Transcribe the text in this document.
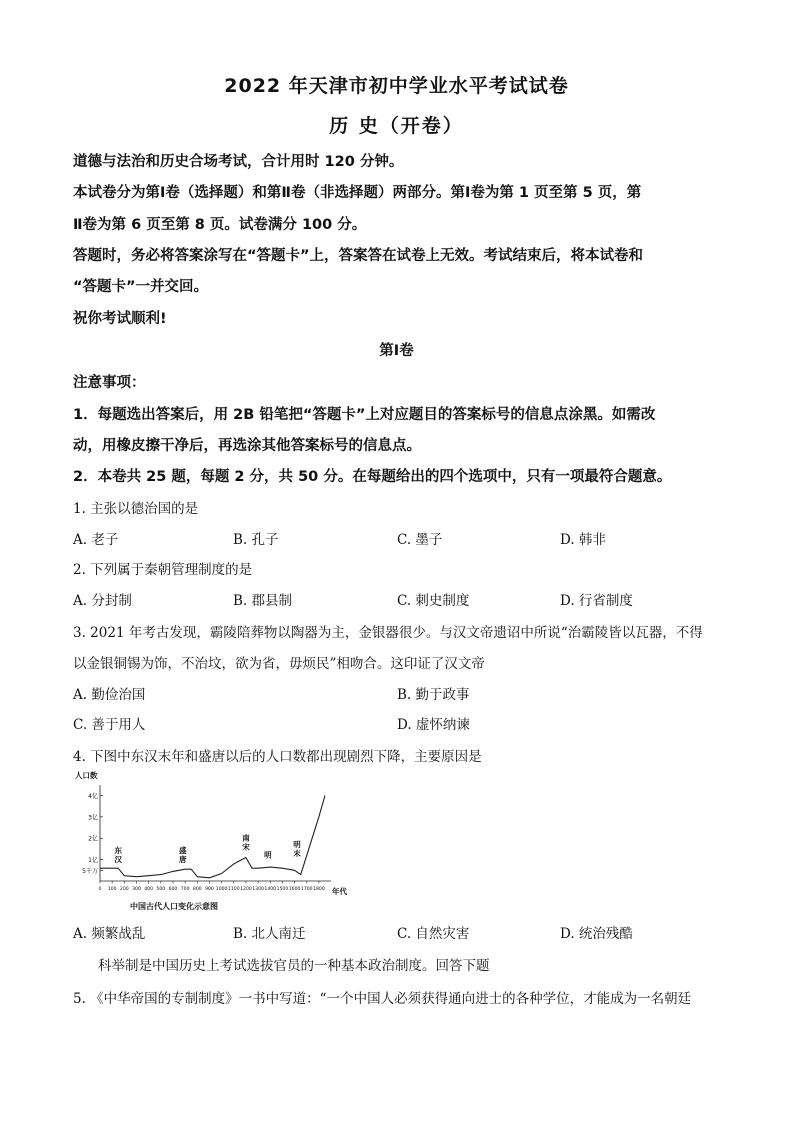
2022 年天津市初中学业水平考试试卷
历 史（开卷）
道德与法治和历史合场考试，合计用时 120 分钟。
本试卷分为第Ⅰ卷（选择题）和第Ⅱ卷（非选择题）两部分。第Ⅰ卷为第 1 页至第 5 页，第
Ⅱ卷为第 6 页至第 8 页。试卷满分 100 分。
答题时，务必将答案涂写在“答题卡”上，答案答在试卷上无效。考试结束后，将本试卷和
“答题卡”一并交回。
祝你考试顺利!
第Ⅰ卷
注意事项：
1．每题选出答案后，用 2B 铅笔把“答题卡”上对应题目的答案标号的信息点涂黑。如需改
动，用橡皮擦干净后，再选涂其他答案标号的信息点。
2．本卷共 25 题，每题 2 分，共 50 分。在每题给出的四个选项中，只有一项最符合题意。
1. 主张以德治国的是
A. 老子	B. 孔子	C. 墨子	D. 韩非
2. 下列属于秦朝管理制度的是
A. 分封制	B. 郡县制	C. 刺史制度	D. 行省制度
3. 2021 年考古发现，霸陵陪葬物以陶器为主，金银器很少。与汉文帝遗诏中所说“治霸陵皆以瓦器，不得
以金银铜锡为饰，不治坟，欲为省，毋烦民”相吻合。这印证了汉文帝
A. 勤俭治国	B. 勤于政事
C. 善于用人	D. 虚怀纳谏
4. 下图中东汉末年和盛唐以后的人口数都出现剧烈下降，主要原因是
人口数
年代
中国古代人口变化示意图
4亿
3亿
2亿
1亿
5千万
0 100 200 300 400 500 600 700 800 900 1000 1100 1200 1300 1400 1500 1600 1700 1800
东
汉
盛
唐
南
宋
明
明
末
A. 频繁战乱	B. 北人南迁	C. 自然灾害	D. 统治残酷
科举制是中国历史上考试选拔官员的一种基本政治制度。回答下题
5. 《中华帝国的专制制度》一书中写道：“一个中国人必须获得通向进士的各种学位，才能成为一名朝廷
